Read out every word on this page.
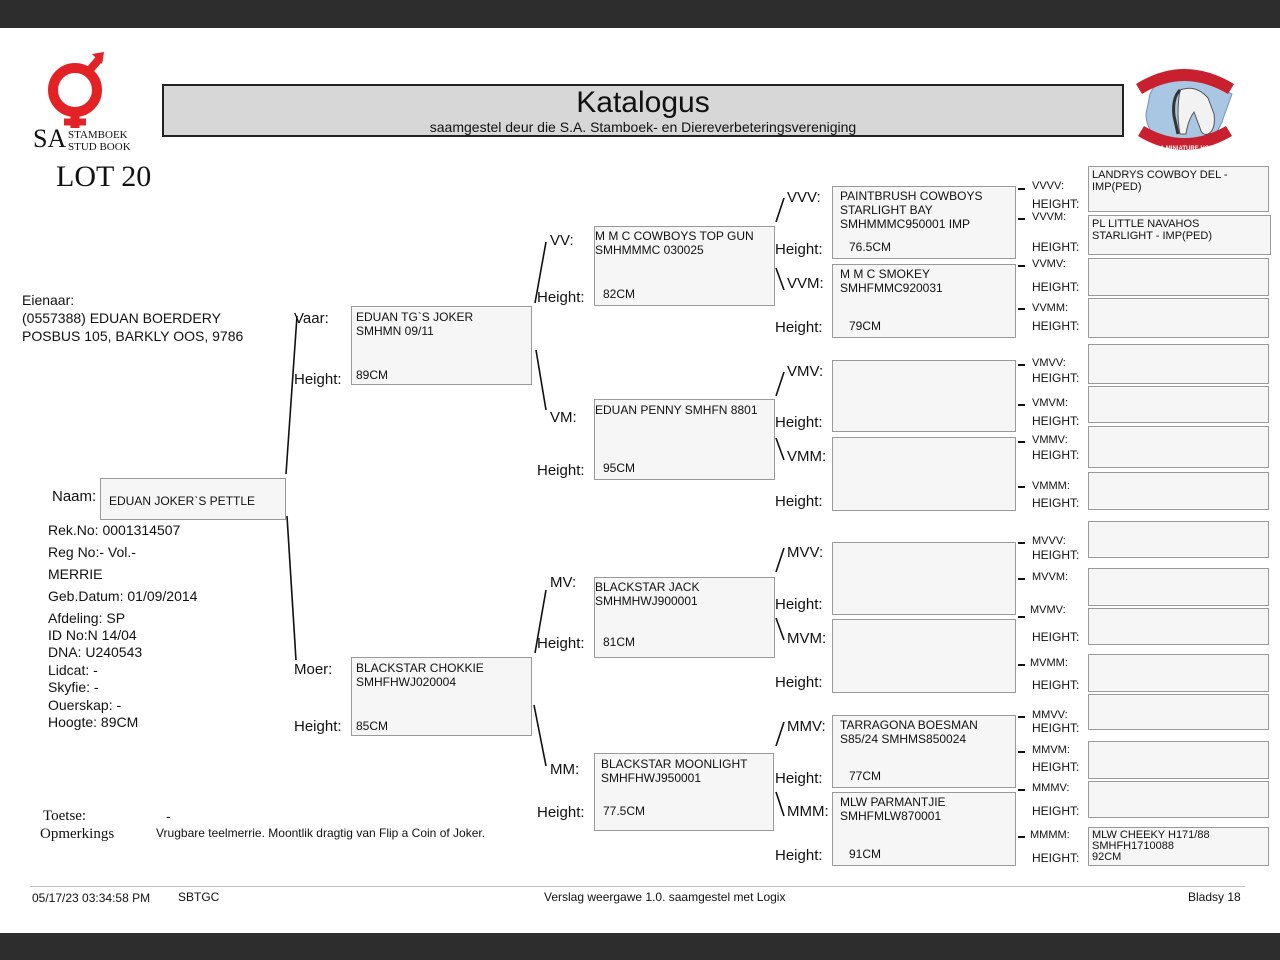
SA STAMBOEK
STUD BOOK
Katalogus
saamgestel deur die S.A. Stamboek- en Diereverbeteringsvereniging
SA MINIATUUR PERD
SA MINIATURE HORSE
LOT 20
Eienaar:
(0557388) EDUAN BOERDERY
POSBUS 105, BARKLY OOS, 9786
Naam: EDUAN JOKER`S PETTLE
Rek.No: 0001314507
Reg No:- Vol.-
MERRIE
Geb.Datum: 01/09/2014
Afdeling: SP
ID No:N 14/04
DNA: U240543
Lidcat: -
Skyfie: -
Ouerskap: -
Hoogte: 89CM
Vaar:
Height:
EDUAN TG`S JOKER
SMHMN 09/11
89CM
Moer:
Height:
BLACKSTAR CHOKKIE
SMHFHWJ020004
85CM
VV:
Height:
M M C COWBOYS TOP GUN
SMHMMMC 030025
82CM
VM:
Height:
EDUAN PENNY SMHFN 8801
95CM
MV:
Height:
BLACKSTAR JACK
SMHMHWJ900001
81CM
MM:
Height:
BLACKSTAR MOONLIGHT
SMHFHWJ950001
77.5CM
VVV:
Height:
PAINTBRUSH COWBOYS
STARLIGHT BAY
SMHMMMC950001 IMP
76.5CM
VVM:
Height:
M M C SMOKEY
SMHFMMC920031
79CM
VMV:
Height:
VMM:
Height:
MVV:
Height:
MVM:
Height:
MMV:
Height:
TARRAGONA BOESMAN
S85/24 SMHMS850024
77CM
MMM:
Height:
MLW PARMANTJIE
SMHFMLW870001
91CM
VVVV:
HEIGHT:
LANDRYS COWBOY DEL -
IMP(PED)
VVVM:
HEIGHT:
PL LITTLE NAVAHOS
STARLIGHT - IMP(PED)
VVMV:
HEIGHT:
VVMM:
HEIGHT:
VMVV:
HEIGHT:
VMVM:
HEIGHT:
VMMV:
HEIGHT:
VMMM:
HEIGHT:
MVVV:
HEIGHT:
MVVM:
MVMV:
HEIGHT:
MVMM:
HEIGHT:
MMVV:
HEIGHT:
MMVM:
HEIGHT:
MMMV:
HEIGHT:
MMMM:
HEIGHT:
MLW CHEEKY H171/88
SMHFH1710088
92CM
Toetse:	-
Opmerkings	Vrugbare teelmerrie. Moontlik dragtig van Flip a Coin of Joker.
05/17/23 03:34:58 PM SBTGC	Verslag weergawe 1.0. saamgestel met Logix	Bladsy 18
